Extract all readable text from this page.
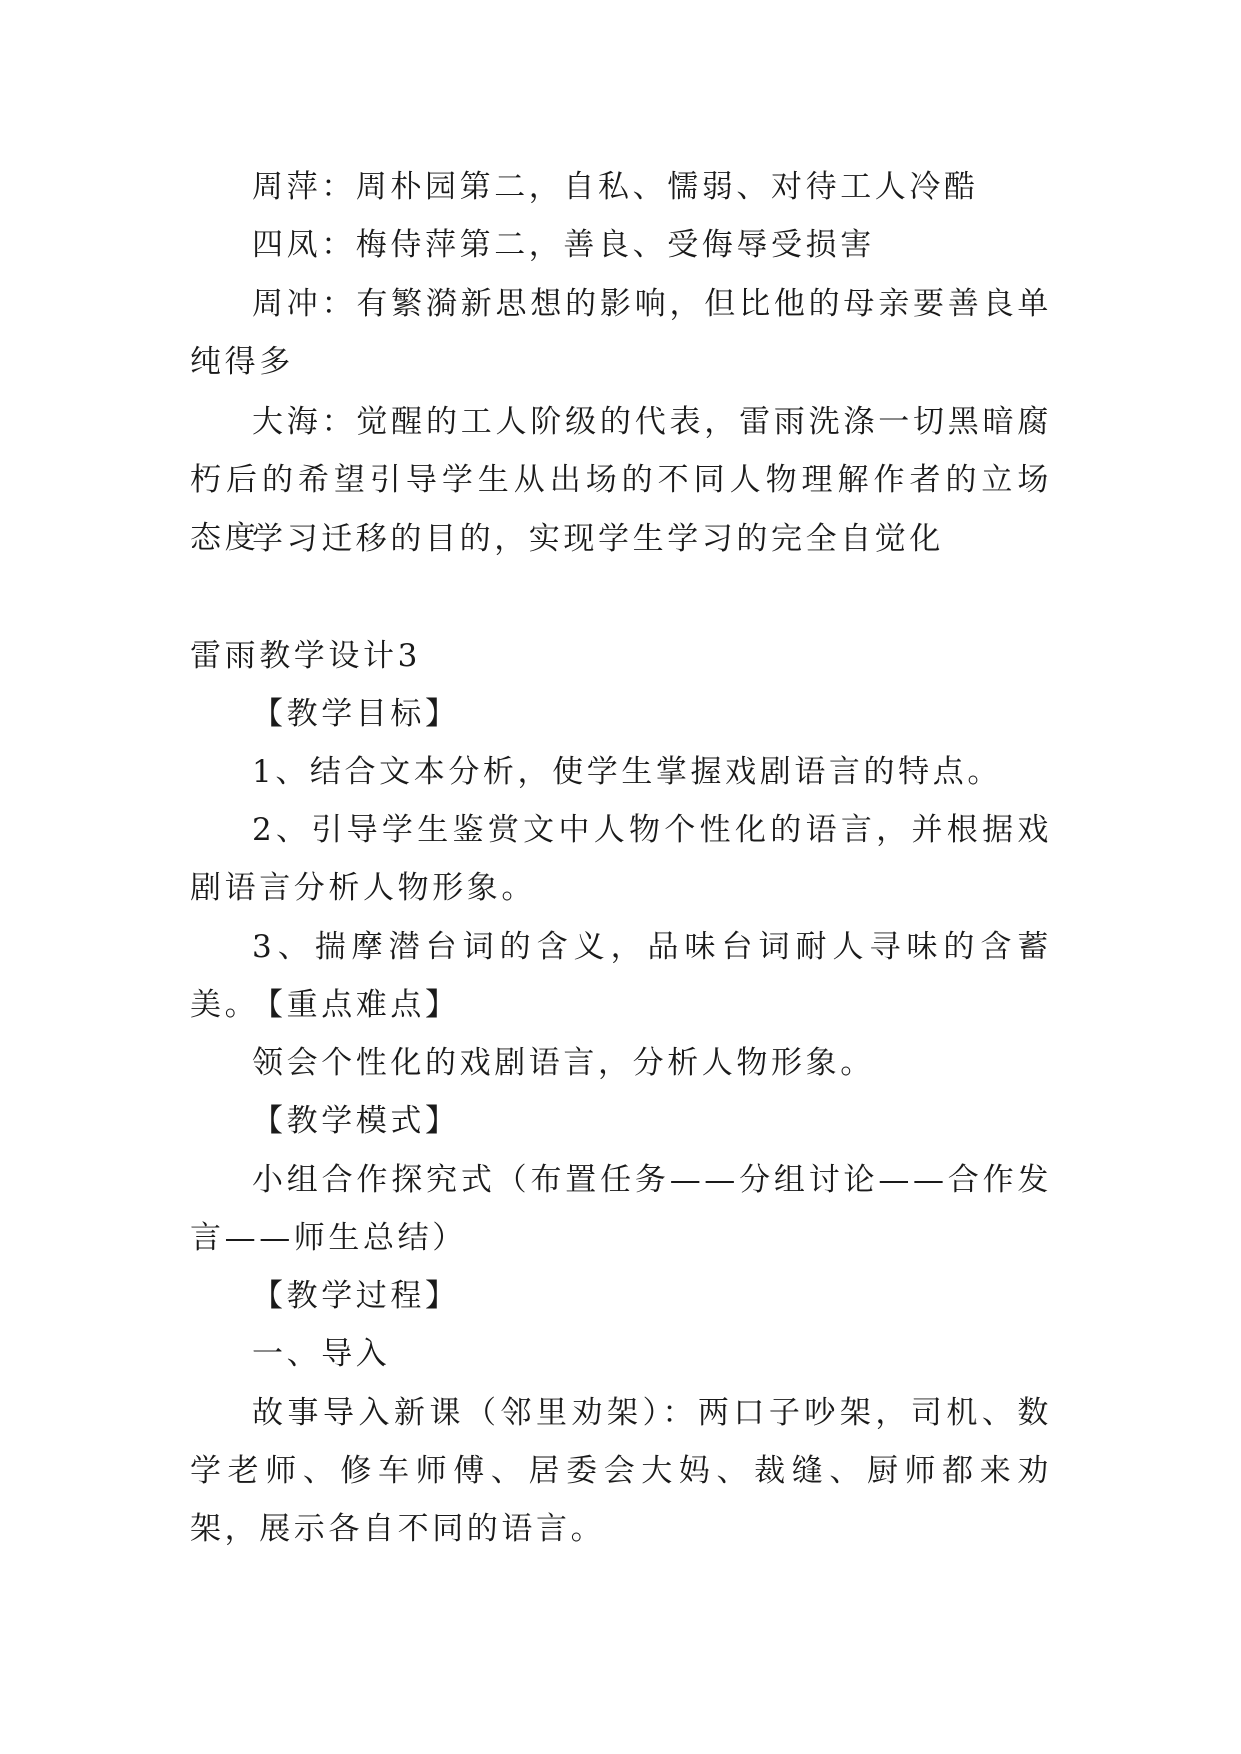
周萍：周朴园第二，自私、懦弱、对待工人冷酷

四凤：梅侍萍第二，善良、受侮辱受损害

周冲：有繁漪新思想的影响，但比他的母亲要善良单纯得多

大海：觉醒的工人阶级的代表，雷雨洗涤一切黑暗腐朽后的希望引导学生从出场的不同人物理解作者的立场态度

学习迁移的目的，实现学生学习的完全自觉化

雷雨教学设计3

【教学目标】

1、结合文本分析，使学生掌握戏剧语言的特点。

2、引导学生鉴赏文中人物个性化的语言，并根据戏剧语言分析人物形象。

3、揣摩潜台词的含义，品味台词耐人寻味的含蓄美。

【重点难点】

领会个性化的戏剧语言，分析人物形象。

【教学模式】

小组合作探究式（布置任务——分组讨论——合作发言——师生总结）

【教学过程】

一、导入

故事导入新课（邻里劝架）：两口子吵架，司机、数学老师、修车师傅、居委会大妈、裁缝、厨师都来劝架，展示各自不同的语言。
